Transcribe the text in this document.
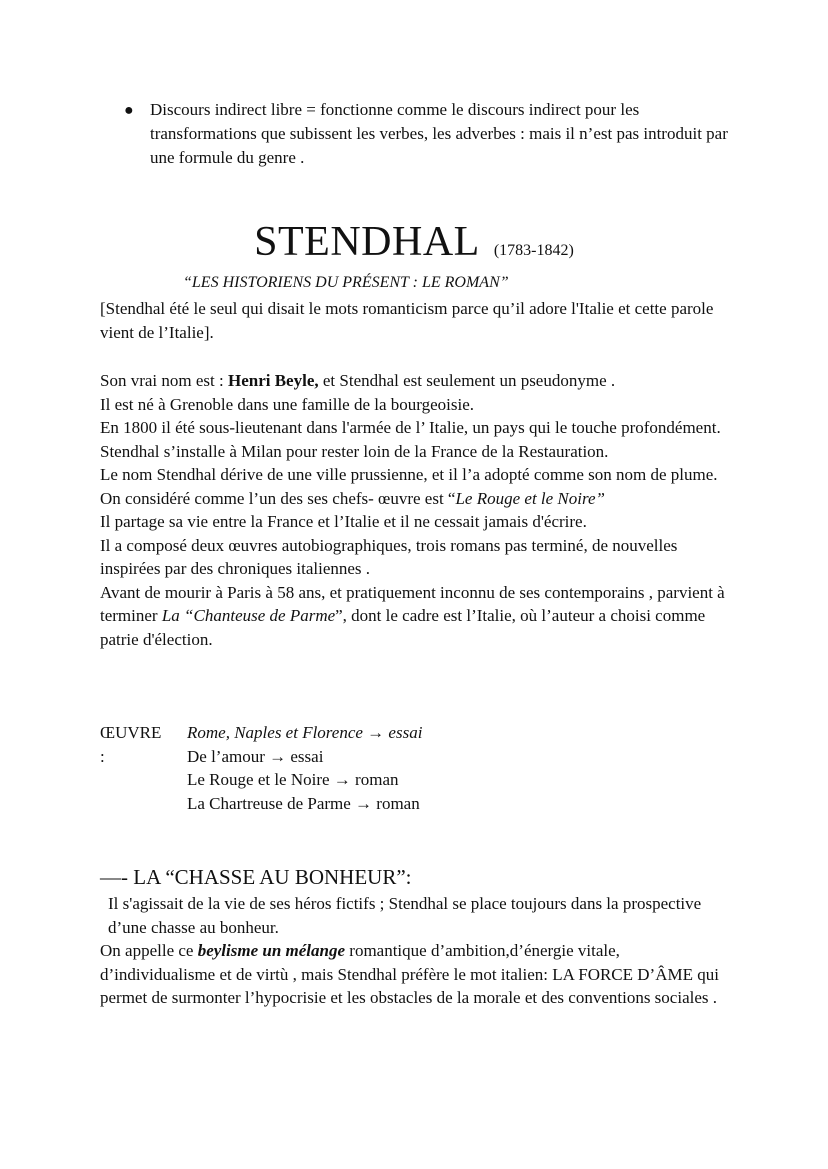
● Discours indirect libre = fonctionne comme le discours indirect pour les transformations que subissent les verbes, les adverbes : mais il n’est pas introduit par une formule du genre .
STENDHAL (1783-1842)
“LES HISTORIENS DU PRÉSENT : LE ROMAN”

[Stendhal été le seul qui disait le mots romanticism parce qu’il adore l'Italie et cette parole vient de l’Italie].

Son vrai nom est : Henri Beyle, et Stendhal est seulement un pseudonyme .

Il est né à Grenoble dans une famille de la bourgeoisie.

En 1800 il été sous-lieutenant dans l'armée de l’ Italie, un pays qui le touche profondément. Stendhal s’installe à Milan pour rester loin de la France de la Restauration.

Le nom Stendhal dérive de une ville prussienne, et il l’a adopté comme son nom de plume.

On considéré comme l’un des ses chefs- œuvre est “Le Rouge et le Noire”

Il partage sa vie entre la France et l’Italie et il ne cessait jamais d'écrire.

Il a composé deux œuvres autobiographiques, trois romans pas terminé, de nouvelles inspirées par des chroniques italiennes .

Avant de mourir à Paris à 58 ans, et pratiquement inconnu de ses contemporains , parvient à terminer La “Chanteuse de Parme”, dont le cadre est l’Italie, où l’auteur a choisi comme patrie d'élection.

ŒUVRE :
Rome, Naples et Florence → essai
De l’amour → essai
Le Rouge et le Noire → roman
La Chartreuse de Parme → roman
—- LA “CHASSE AU BONHEUR”:

Il s'agissait de la vie de ses héros fictifs ; Stendhal se place toujours dans la prospective d’une chasse au bonheur.

On appelle ce beylisme un mélange romantique d’ambition,d’énergie vitale, d’individualisme et de virtù , mais Stendhal préfère le mot italien: LA FORCE D’ÂME qui permet de surmonter l’hypocrisie et les obstacles de la morale et des conventions sociales .
